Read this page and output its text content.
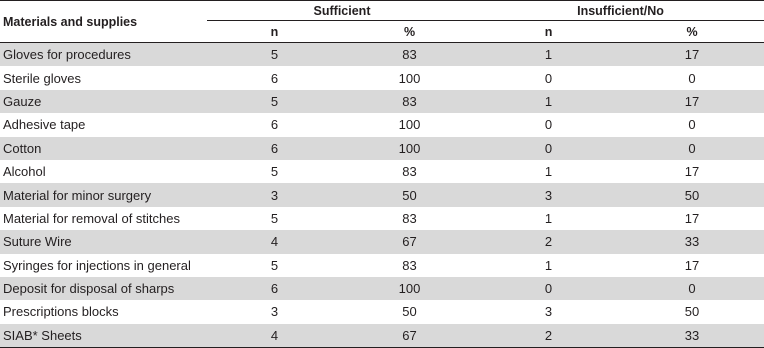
Materials and supplies	Sufficient		Insufficient/No	

	n	%	n	%
Gloves for procedures	5	83	1	17
Sterile gloves	6	100	0	0
Gauze	5	83	1	17
Adhesive tape	6	100	0	0
Cotton	6	100	0	0
Alcohol	5	83	1	17
Material for minor surgery	3	50	3	50
Material for removal of stitches	5	83	1	17
Suture Wire	4	67	2	33
Syringes for injections in general	5	83	1	17
Deposit for disposal of sharps	6	100	0	0
Prescriptions blocks	3	50	3	50
SIAB* Sheets	4	67	2	33
